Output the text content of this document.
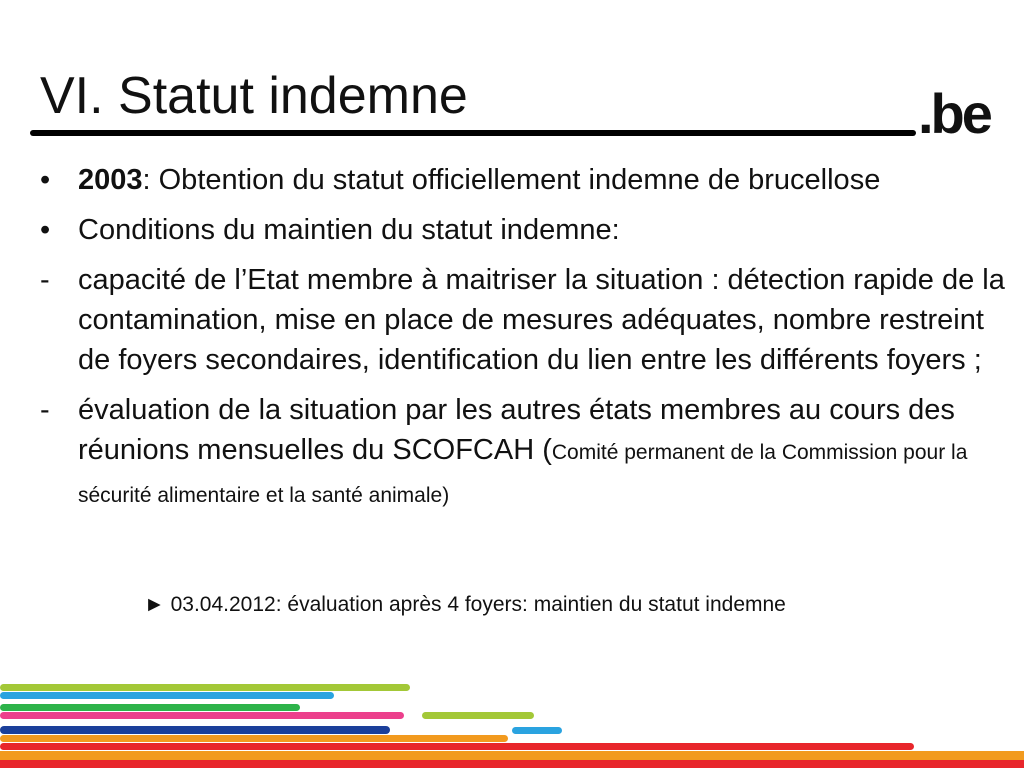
VI. Statut indemne	.be
• 2003: Obtention du statut officiellement indemne de brucellose
• Conditions du maintien du statut indemne:
- capacité de l’Etat membre à maitriser la situation : détection rapide de la contamination, mise en place de mesures adéquates, nombre restreint de foyers secondaires, identification du lien entre les différents foyers ;
- évaluation de la situation par les autres états membres au cours des réunions mensuelles du SCOFCAH (Comité permanent de la Commission pour la sécurité alimentaire et la santé animale)
► 03.04.2012: évaluation après 4 foyers: maintien du statut indemne
